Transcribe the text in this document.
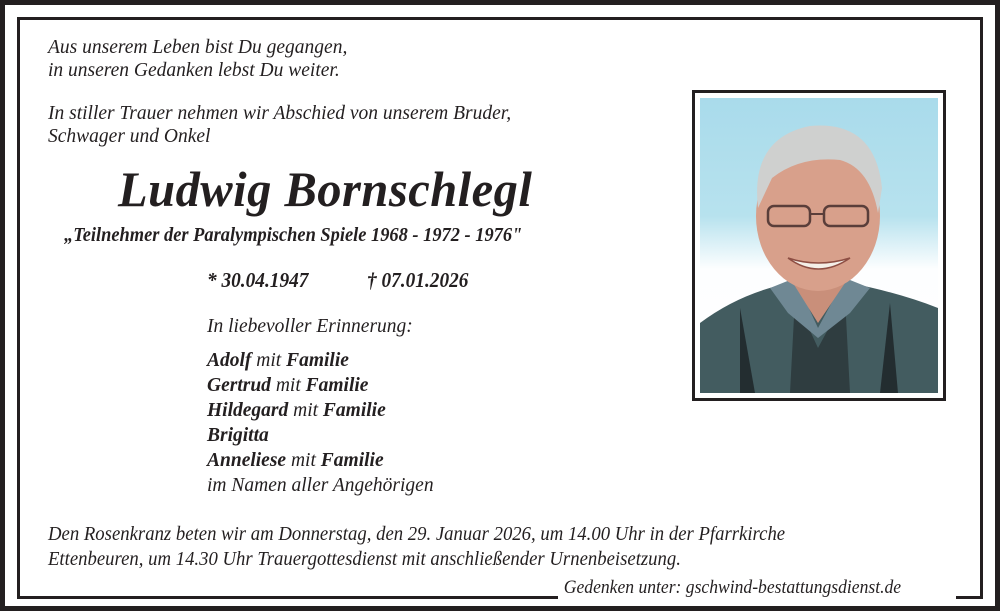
Aus unserem Leben bist Du gegangen,
in unseren Gedanken lebst Du weiter.
In stiller Trauer nehmen wir Abschied von unserem Bruder,
Schwager und Onkel
Ludwig Bornschlegl
„Teilnehmer der Paralympischen Spiele 1968 - 1972 - 1976"
* 30.04.1947	† 07.01.2026
In liebevoller Erinnerung:
Adolf mit Familie
Gertrud mit Familie
Hildegard mit Familie
Brigitta
Anneliese mit Familie
im Namen aller Angehörigen
Den Rosenkranz beten wir am Donnerstag, den 29. Januar 2026, um 14.00 Uhr in der Pfarrkirche
Ettenbeuren, um 14.30 Uhr Trauergottesdienst mit anschließender Urnenbeisetzung.
Gedenken unter: gschwind-bestattungsdienst.de
